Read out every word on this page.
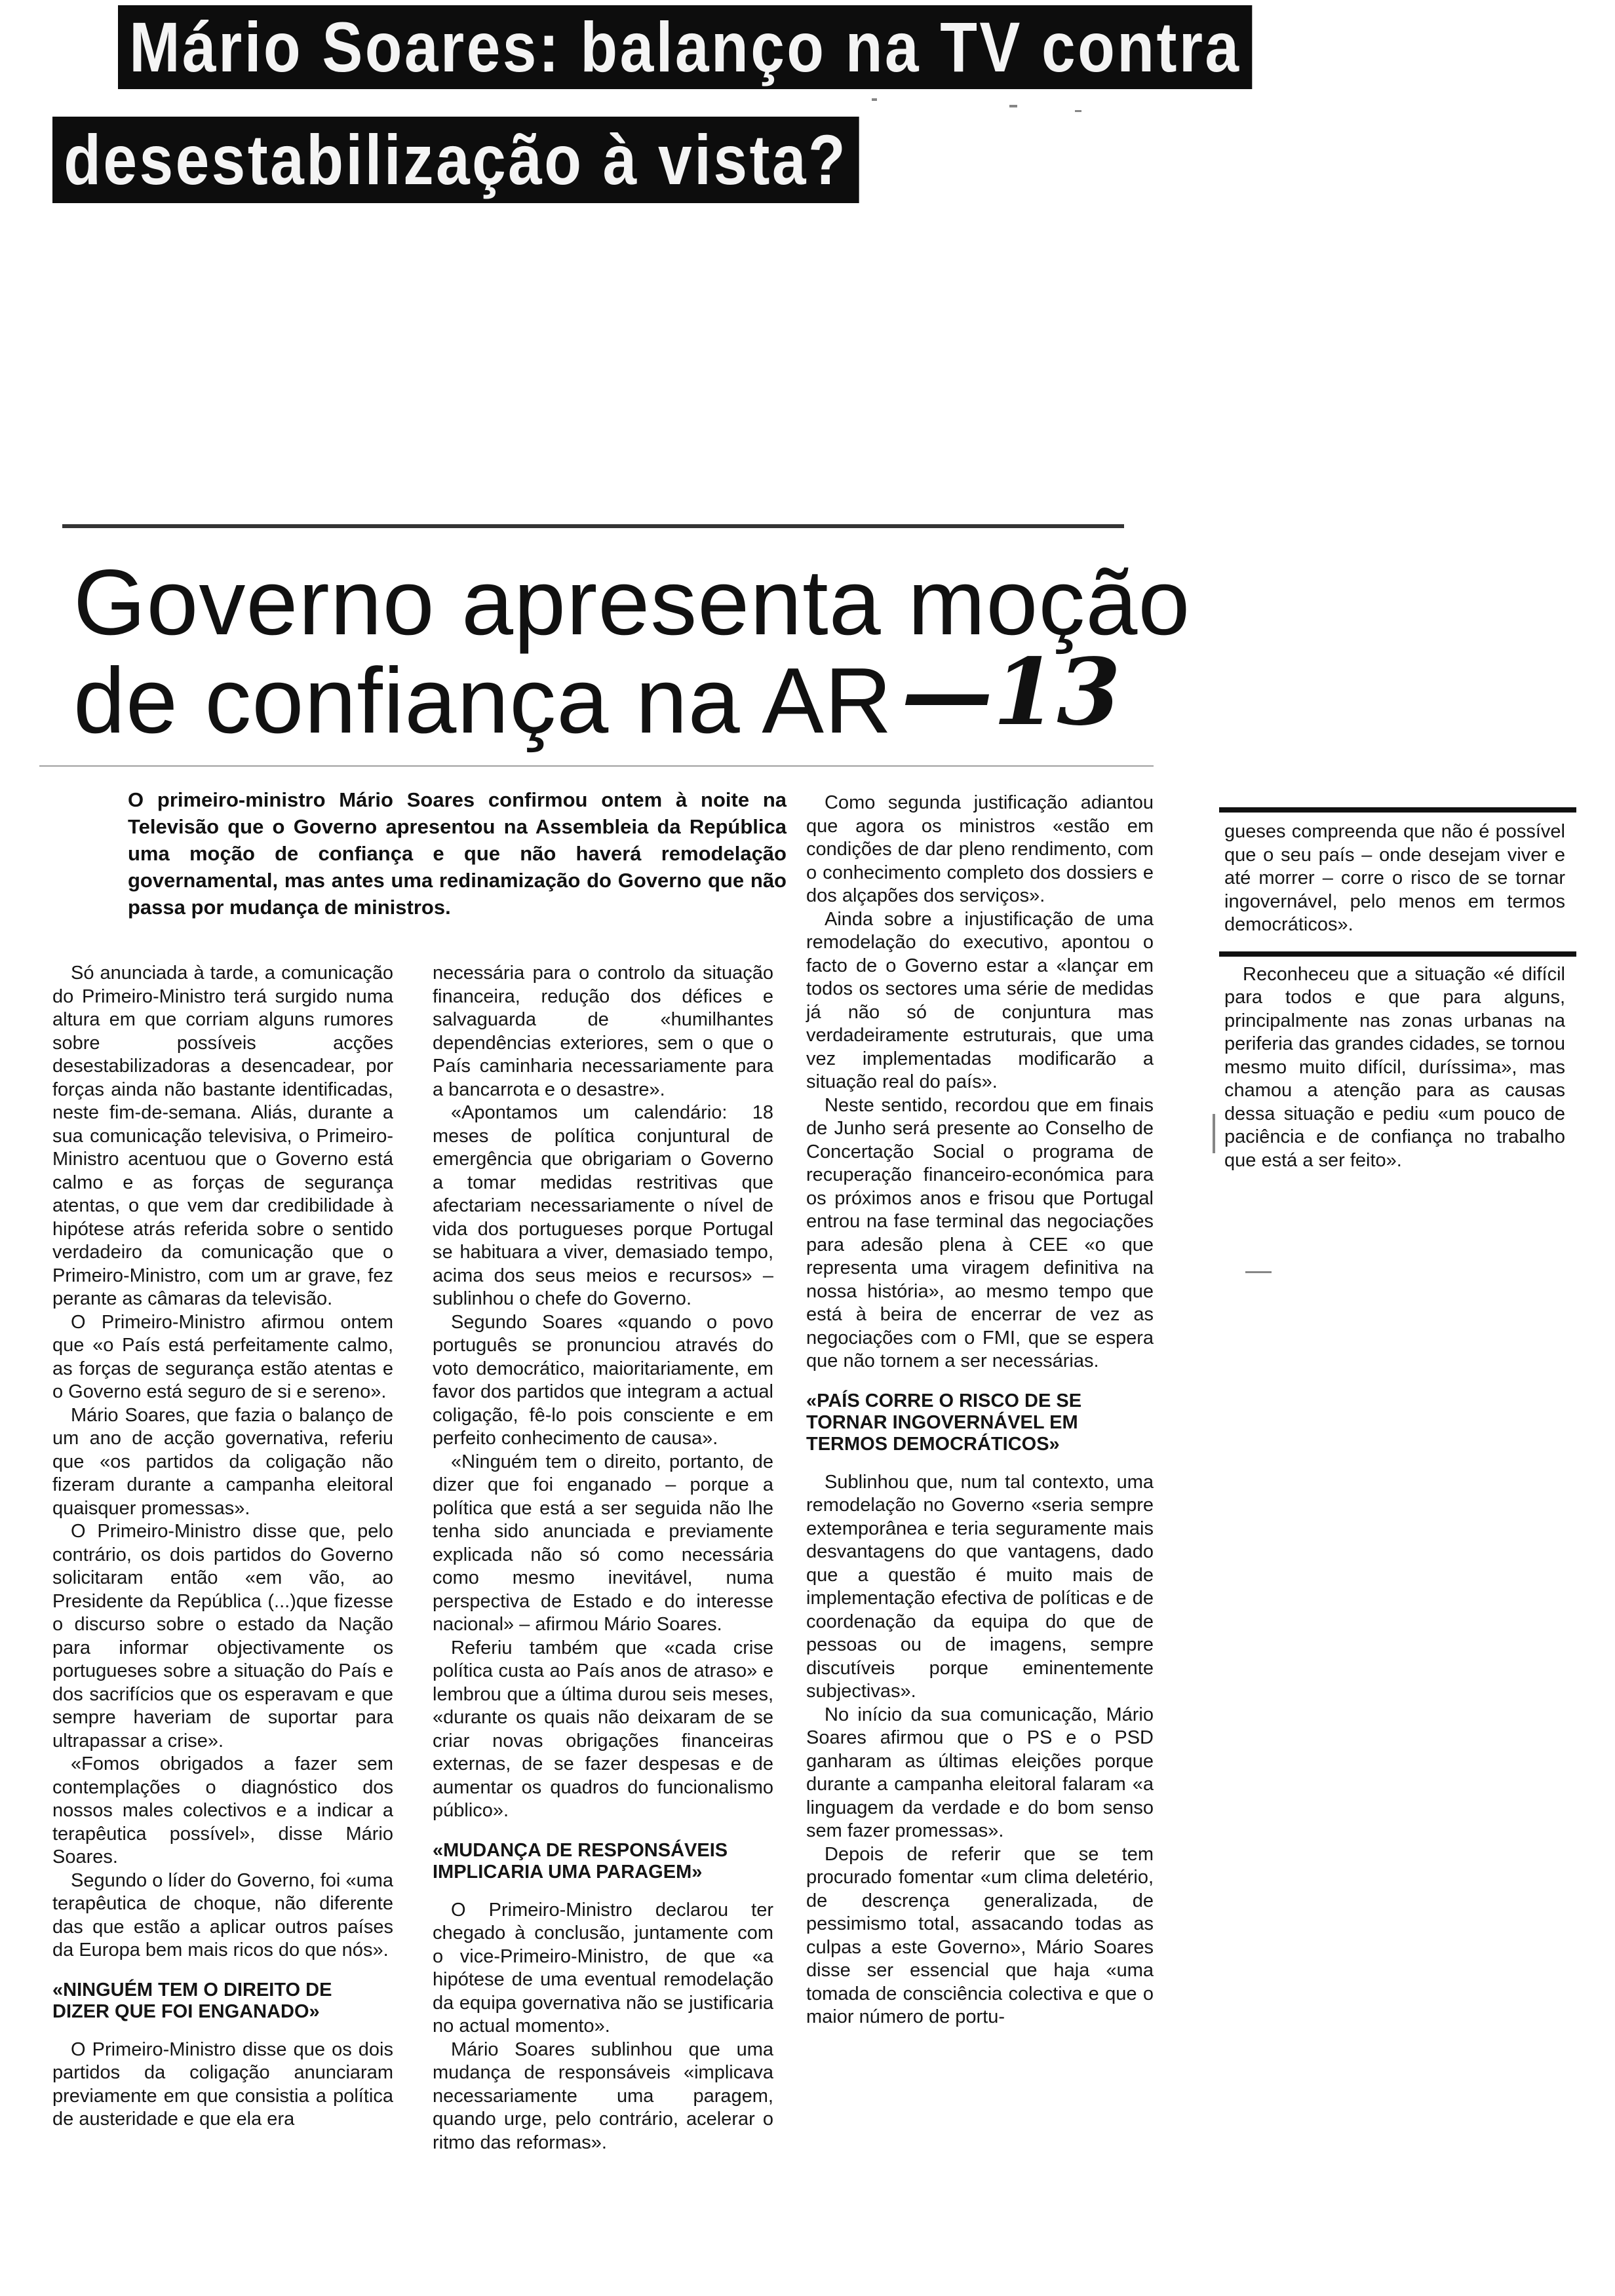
Mário Soares: balanço na TV contra
desestabilização à vista?
Governo apresenta moção
de confiança na AR —13

O primeiro-ministro Mário Soares confirmou ontem à noite na Televisão que o Governo apresentou na Assembleia da República uma moção de confiança e que não haverá remodelação governamental, mas antes uma redinamização do Governo que não passa por mudança de ministros.

Só anunciada à tarde, a comunicação do Primeiro-Ministro terá surgido numa altura em que corriam alguns rumores sobre possíveis acções desestabilizadoras a desencadear, por forças ainda não bastante identificadas, neste fim-de-semana. Aliás, durante a sua comunicação televisiva, o Primeiro-Ministro acentuou que o Governo está calmo e as forças de segurança atentas, o que vem dar credibilidade à hipótese atrás referida sobre o sentido verdadeiro da comunicação que o Primeiro-Ministro, com um ar grave, fez perante as câmaras da televisão.

O Primeiro-Ministro afirmou ontem que «o País está perfeitamente calmo, as forças de segurança estão atentas e o Governo está seguro de si e sereno».

Mário Soares, que fazia o balanço de um ano de acção governativa, referiu que «os partidos da coligação não fizeram durante a campanha eleitoral quaisquer promessas».

O Primeiro-Ministro disse que, pelo contrário, os dois partidos do Governo solicitaram então «em vão, ao Presidente da República (...)que fizesse o discurso sobre o estado da Nação para informar objectivamente os portugueses sobre a situação do País e dos sacrifícios que os esperavam e que sempre haveriam de suportar para ultrapassar a crise».

«Fomos obrigados a fazer sem contemplações o diagnóstico dos nossos males colectivos e a indicar a terapêutica possível», disse Mário Soares.

Segundo o líder do Governo, foi «uma terapêutica de choque, não diferente das que estão a aplicar outros países da Europa bem mais ricos do que nós».

«NINGUÉM TEM O DIREITO DE DIZER QUE FOI ENGANADO»

O Primeiro-Ministro disse que os dois partidos da coligação anunciaram previamente em que consistia a política de austeridade e que ela era

necessária para o controlo da situação financeira, redução dos défices e salvaguarda de «humilhantes dependências exteriores, sem o que o País caminharia necessariamente para a bancarrota e o desastre».

«Apontamos um calendário: 18 meses de política conjuntural de emergência que obrigariam o Governo a tomar medidas restritivas que afectariam necessariamente o nível de vida dos portugueses porque Portugal se habituara a viver, demasiado tempo, acima dos seus meios e recursos» – sublinhou o chefe do Governo.

Segundo Soares «quando o povo português se pronunciou através do voto democrático, maioritariamente, em favor dos partidos que integram a actual coligação, fê-lo pois consciente e em perfeito conhecimento de causa».

«Ninguém tem o direito, portanto, de dizer que foi enganado – porque a política que está a ser seguida não lhe tenha sido anunciada e previamente explicada não só como necessária como mesmo inevitável, numa perspectiva de Estado e do interesse nacional» – afirmou Mário Soares.

Referiu também que «cada crise política custa ao País anos de atraso» e lembrou que a última durou seis meses, «durante os quais não deixaram de se criar novas obrigações financeiras externas, de se fazer despesas e de aumentar os quadros do funcionalismo público».

«MUDANÇA DE RESPONSÁVEIS IMPLICARIA UMA PARAGEM»

O Primeiro-Ministro declarou ter chegado à conclusão, juntamente com o vice-Primeiro-Ministro, de que «a hipótese de uma eventual remodelação da equipa governativa não se justificaria no actual momento».

Mário Soares sublinhou que uma mudança de responsáveis «implicava necessariamente uma paragem, quando urge, pelo contrário, acelerar o ritmo das reformas».

Como segunda justificação adiantou que agora os ministros «estão em condições de dar pleno rendimento, com o conhecimento completo dos dossiers e dos alçapões dos serviços».

Ainda sobre a injustificação de uma remodelação do executivo, apontou o facto de o Governo estar a «lançar em todos os sectores uma série de medidas já não só de conjuntura mas verdadeiramente estruturais, que uma vez implementadas modificarão a situação real do país».

Neste sentido, recordou que em finais de Junho será presente ao Conselho de Concertação Social o programa de recuperação financeiro-económica para os próximos anos e frisou que Portugal entrou na fase terminal das negociações para adesão plena à CEE «o que representa uma viragem definitiva na nossa história», ao mesmo tempo que está à beira de encerrar de vez as negociações com o FMI, que se espera que não tornem a ser necessárias.

«PAÍS CORRE O RISCO DE SE TORNAR INGOVERNÁVEL EM TERMOS DEMOCRÁTICOS»

Sublinhou que, num tal contexto, uma remodelação no Governo «seria sempre extemporânea e teria seguramente mais desvantagens do que vantagens, dado que a questão é muito mais de implementação efectiva de políticas e de coordenação da equipa do que de pessoas ou de imagens, sempre discutíveis porque eminentemente subjectivas».

No início da sua comunicação, Mário Soares afirmou que o PS e o PSD ganharam as últimas eleições porque durante a campanha eleitoral falaram «a linguagem da verdade e do bom senso sem fazer promessas».

Depois de referir que se tem procurado fomentar «um clima deletério, de descrença generalizada, de pessimismo total, assacando todas as culpas a este Governo», Mário Soares disse ser essencial que haja «uma tomada de consciência colectiva e que o maior número de portu-

gueses compreenda que não é possível que o seu país – onde desejam viver e até morrer – corre o risco de se tornar ingovernável, pelo menos em termos democráticos».

Reconheceu que a situação «é difícil para todos e que para alguns, principalmente nas zonas urbanas na periferia das grandes cidades, se tornou mesmo muito difícil, duríssima», mas chamou a atenção para as causas dessa situação e pediu «um pouco de paciência e de confiança no trabalho que está a ser feito».
